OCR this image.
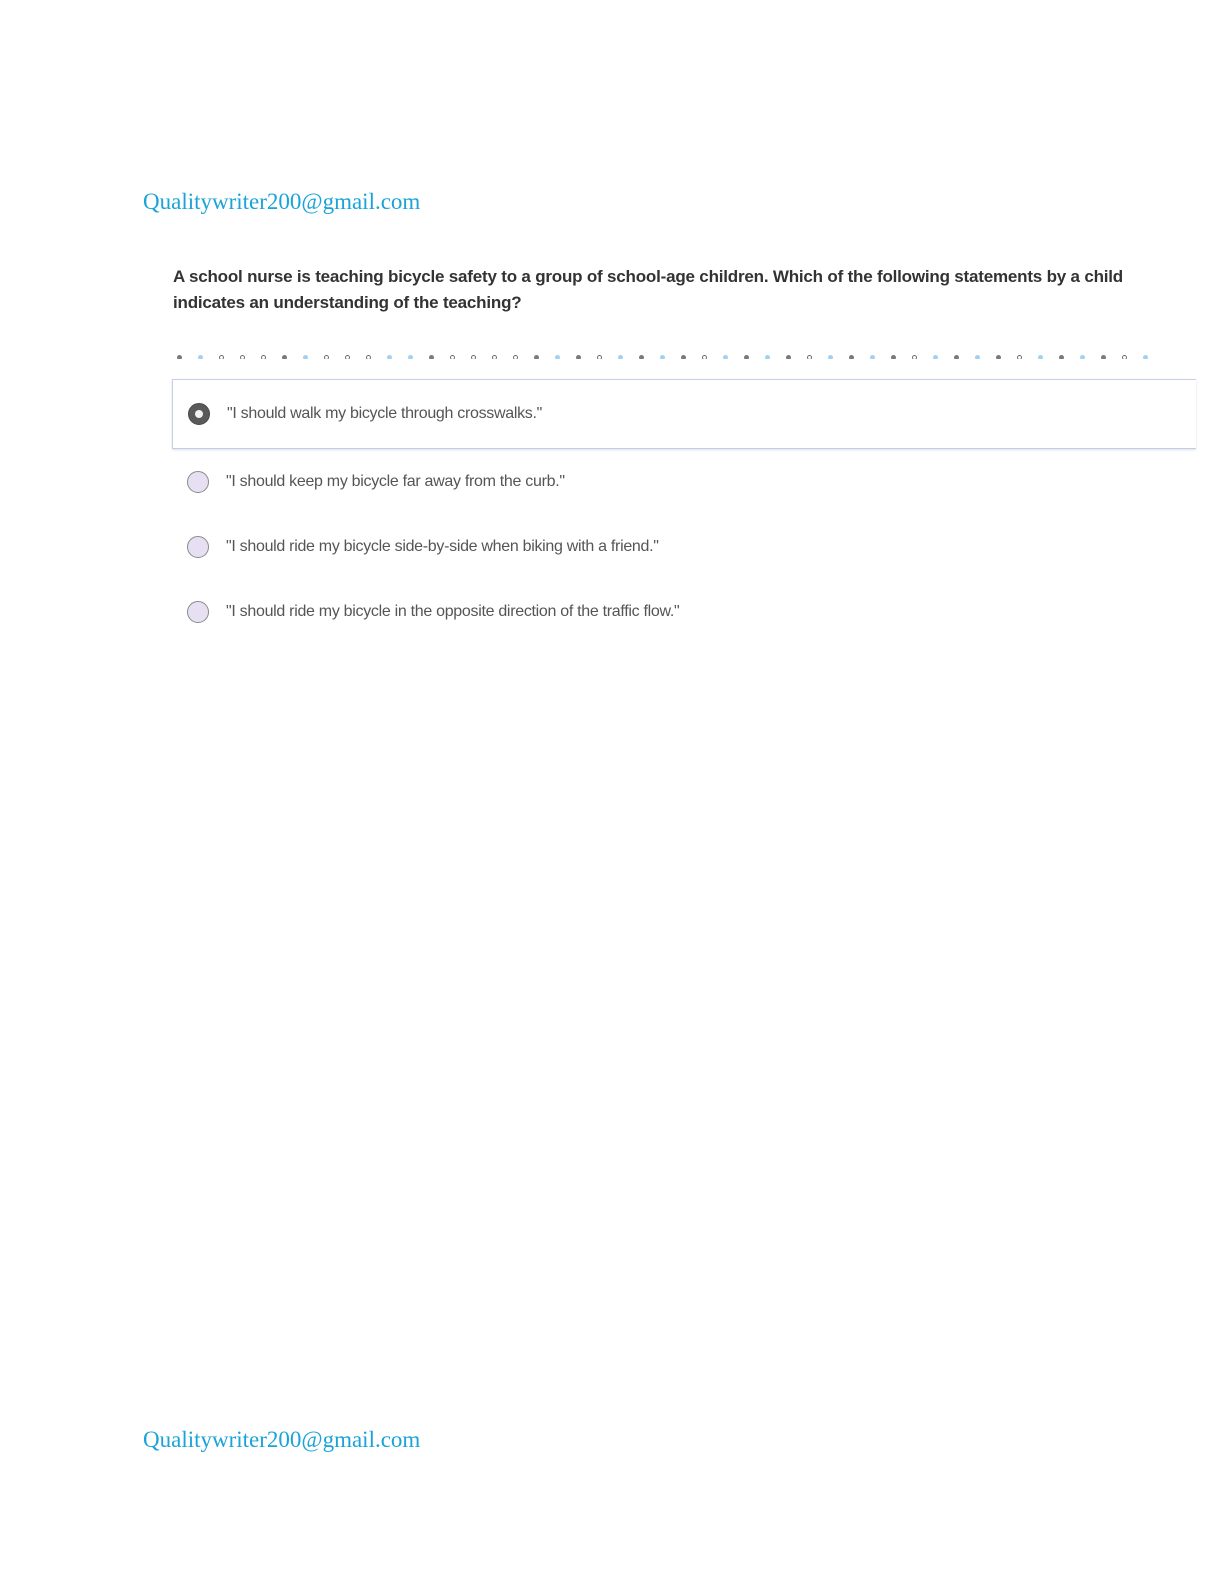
Qualitywriter200@gmail.com
A school nurse is teaching bicycle safety to a group of school-age children. Which of the following statements by a child indicates an understanding of the teaching?
"I should walk my bicycle through crosswalks."
"I should keep my bicycle far away from the curb."
"I should ride my bicycle side-by-side when biking with a friend."
"I should ride my bicycle in the opposite direction of the traffic flow."
Qualitywriter200@gmail.com
